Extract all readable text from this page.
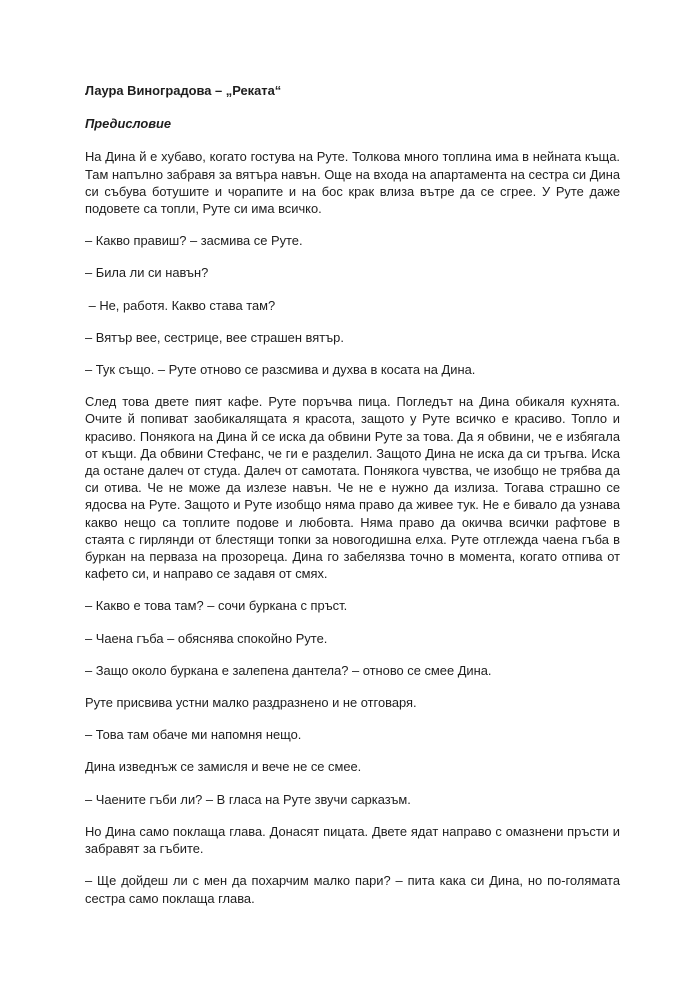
Лаура Виноградова – „Реката“
Предисловие

На Дина й е хубаво, когато гостува на Руте. Толкова много топлина има в нейната къща. Там напълно забравя за вятъра навън. Още на входа на апартамента на сестра си Дина си събува ботушите и чорапите и на бос крак влиза вътре да се сгрее. У Руте даже подовете са топли, Руте си има всичко.

– Какво правиш? – засмива се Руте.

– Била ли си навън?

– Не, работя. Какво става там?

– Вятър вее, сестрице, вее страшен вятър.

– Тук също. – Руте отново се разсмива и духва в косата на Дина.

След това двете пият кафе. Руте поръчва пица. Погледът на Дина обикаля кухнята. Очите й попиват заобикалящата я красота, защото у Руте всичко е красиво. Топло и красиво. Понякога на Дина й се иска да обвини Руте за това. Да я обвини, че е избягала от къщи. Да обвини Стефанс, че ги е разделил. Защото Дина не иска да си тръгва. Иска да остане далеч от студа. Далеч от самотата. Понякога чувства, че изобщо не трябва да си отива. Че не може да излезе навън. Че не е нужно да излиза. Тогава страшно се ядосва на Руте. Защото и Руте изобщо няма право да живее тук. Не е бивало да узнава какво нещо са топлите подове и любовта. Няма право да окичва всички рафтове в стаята с гирлянди от блестящи топки за новогодишна елха. Руте отглежда чаена гъба в буркан на перваза на прозореца. Дина го забелязва точно в момента, когато отпива от кафето си, и направо се задавя от смях.

– Какво е това там? – сочи буркана с пръст.

– Чаена гъба – обяснява спокойно Руте.

– Защо около буркана е залепена дантела? – отново се смее Дина.

Руте присвива устни малко раздразнено и не отговаря.

– Това там обаче ми напомня нещо.

Дина изведнъж се замисля и вече не се смее.

– Чаените гъби ли? – В гласа на Руте звучи сарказъм.

Но Дина само поклаща глава. Донасят пицата. Двете ядат направо с омазнени пръсти и забравят за гъбите.

– Ще дойдеш ли с мен да похарчим малко пари? – пита кака си Дина, но по-голямата сестра само поклаща глава.
